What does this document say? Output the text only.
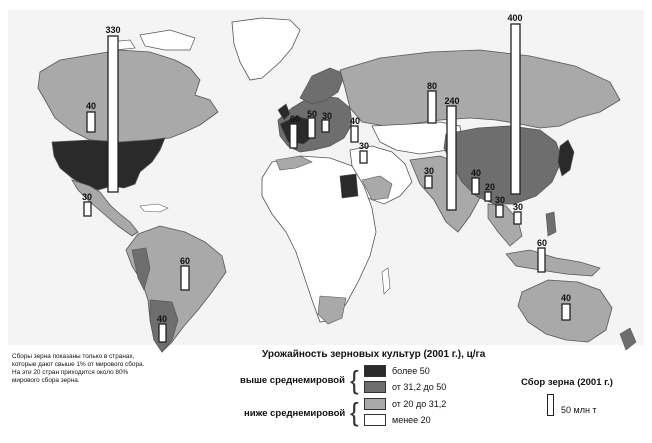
330
40
30
60
40
60 50 30 40
30
80
240
30	40
20
30
400
30
60
40
Урожайность зерновых культур (2001 г.), ц/га
выше среднемировой {	более 50
от 31,2 до 50
ниже среднемировой {	от 20 до 31,2
менее 20
Сборы зерна показаны только в странах, которые дают свыше 1% от мирового сбора. На эти 20 стран приходится около 80% мирового сбора зерна.	Сбор зерна (2001 г.)
50 млн т
